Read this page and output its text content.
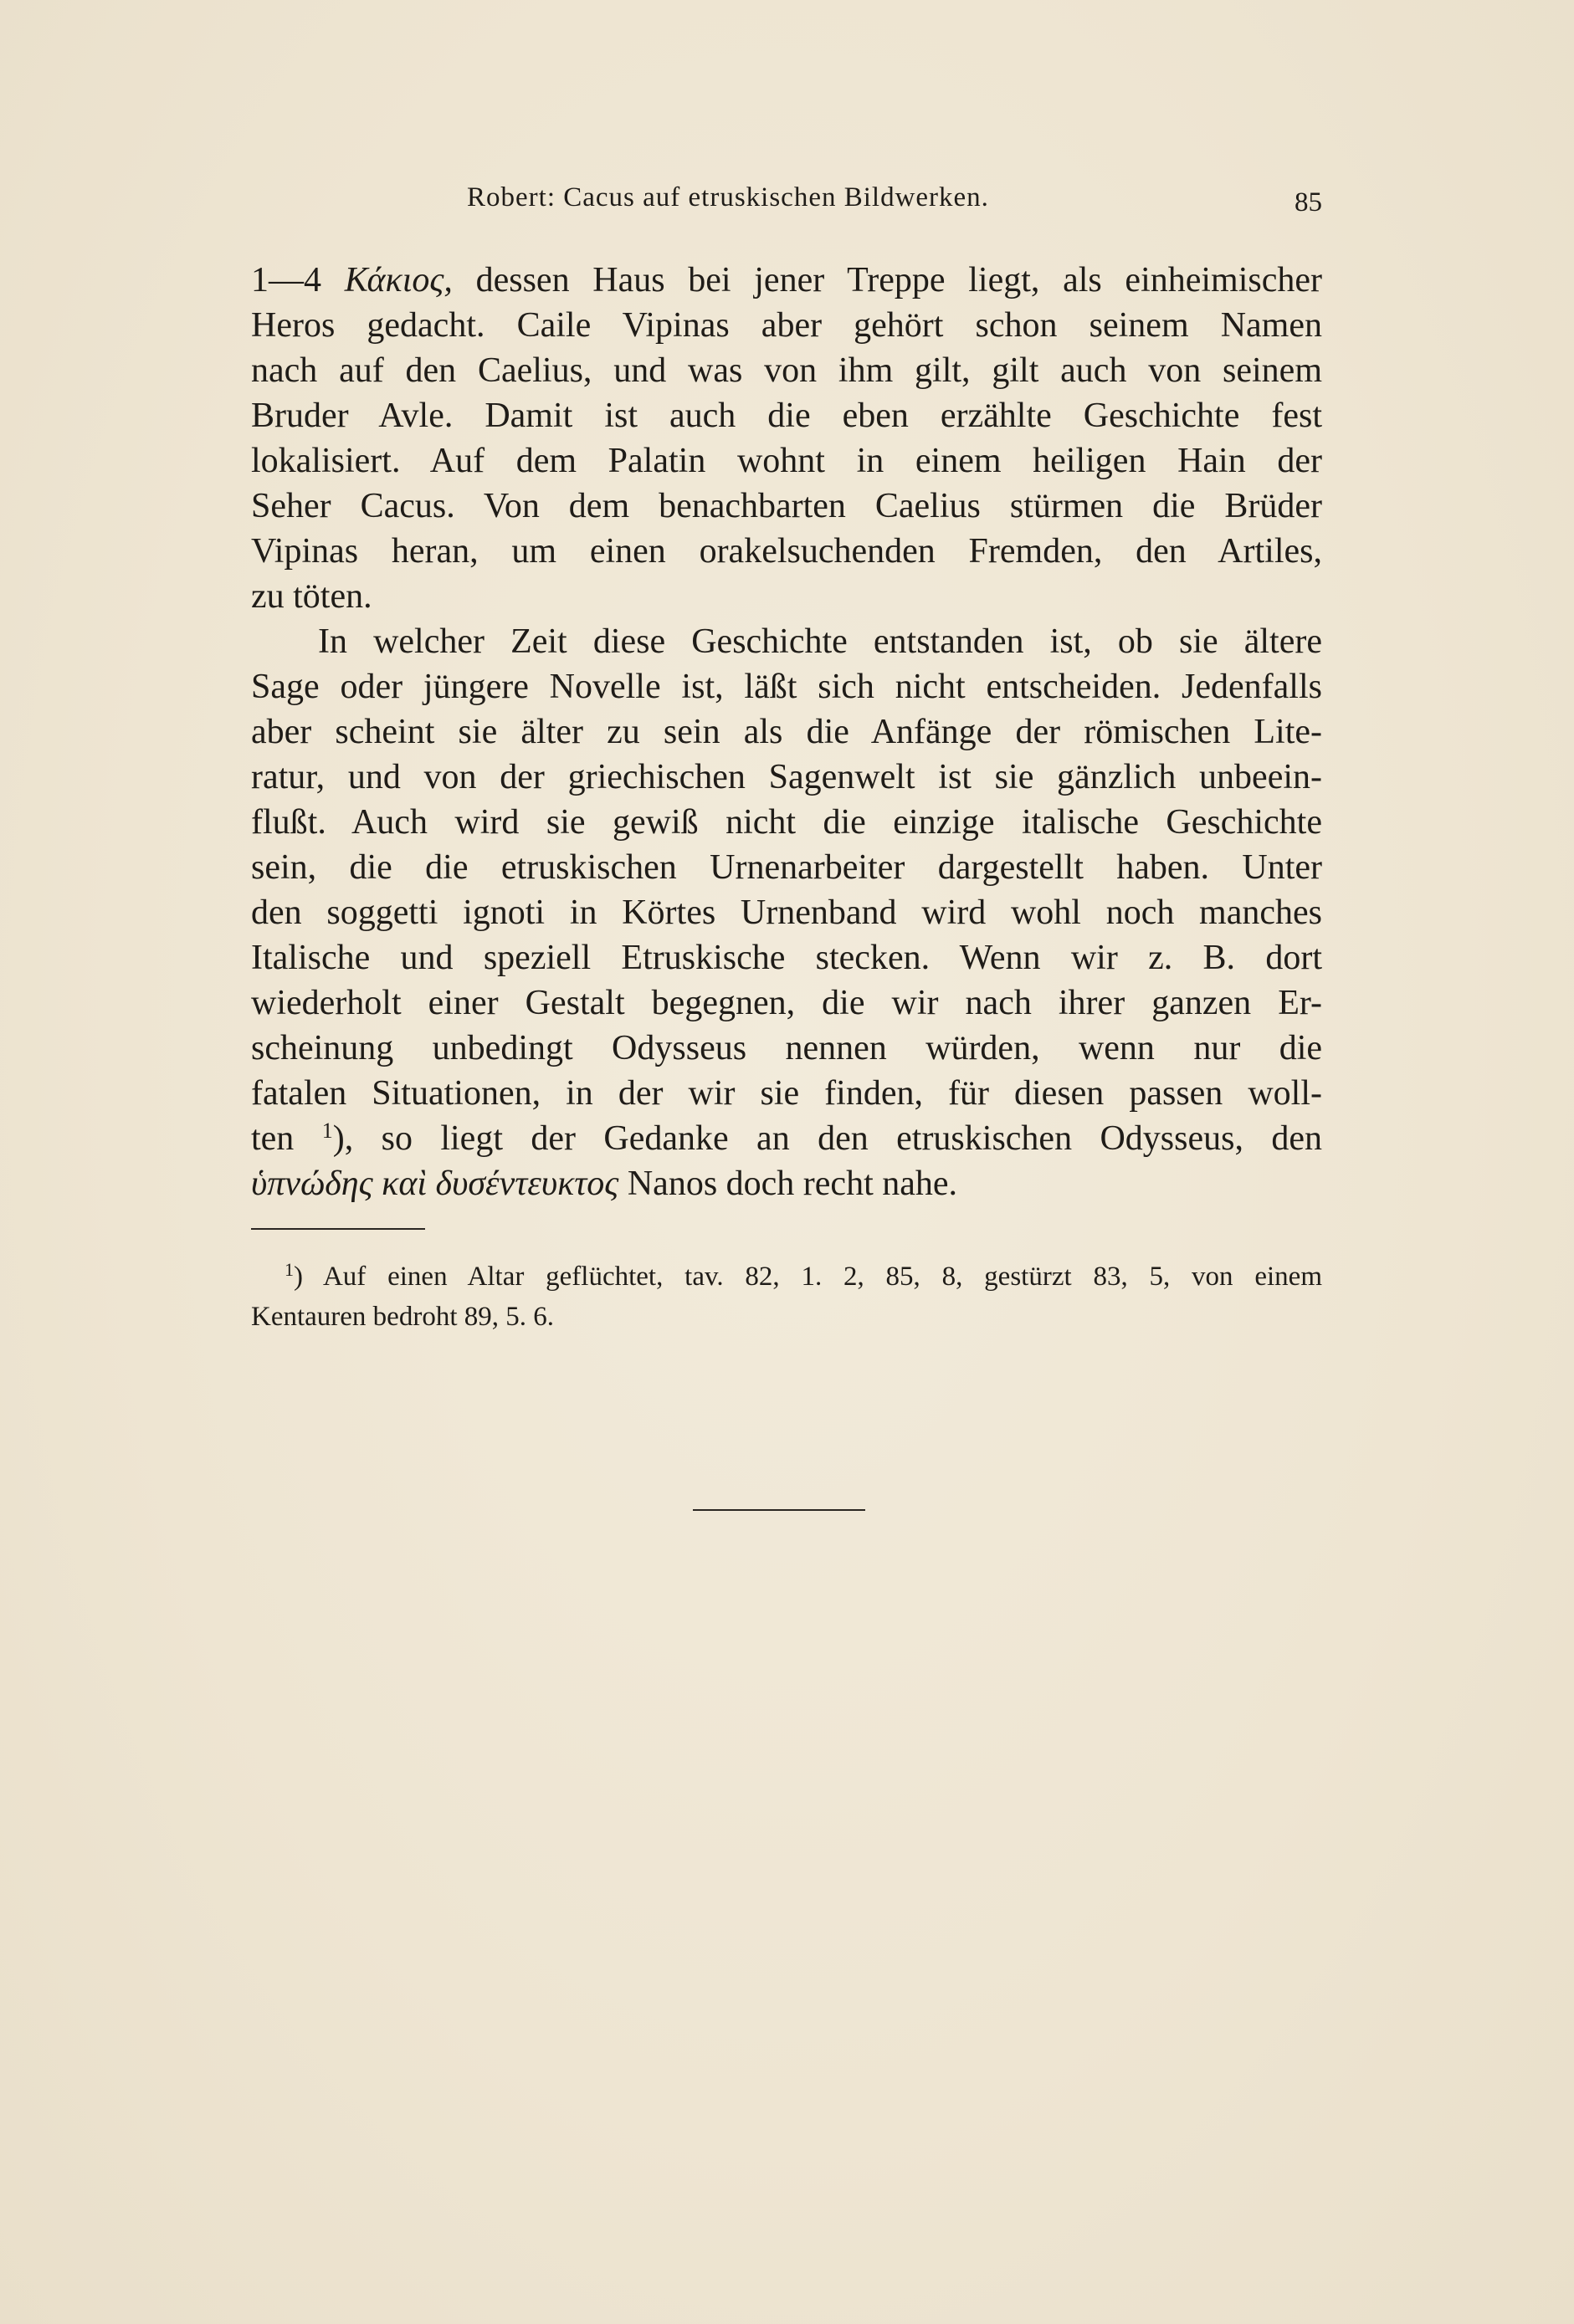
Robert: Cacus auf etruskischen Bildwerken.	85
1—4 Κάκιος, dessen Haus bei jener Treppe liegt, als einheimischer
Heros gedacht. Caile Vipinas aber gehört schon seinem Namen
nach auf den Caelius, und was von ihm gilt, gilt auch von seinem
Bruder Avle. Damit ist auch die eben erzählte Geschichte fest
lokalisiert. Auf dem Palatin wohnt in einem heiligen Hain der
Seher Cacus. Von dem benachbarten Caelius stürmen die Brüder
Vipinas heran, um einen orakelsuchenden Fremden, den Artiles,
zu töten.
In welcher Zeit diese Geschichte entstanden ist, ob sie ältere
Sage oder jüngere Novelle ist, läßt sich nicht entscheiden. Jedenfalls
aber scheint sie älter zu sein als die Anfänge der römischen Lite-
ratur, und von der griechischen Sagenwelt ist sie gänzlich unbeein-
flußt. Auch wird sie gewiß nicht die einzige italische Geschichte
sein, die die etruskischen Urnenarbeiter dargestellt haben. Unter
den soggetti ignoti in Körtes Urnenband wird wohl noch manches
Italische und speziell Etruskische stecken. Wenn wir z. B. dort
wiederholt einer Gestalt begegnen, die wir nach ihrer ganzen Er-
scheinung unbedingt Odysseus nennen würden, wenn nur die
fatalen Situationen, in der wir sie finden, für diesen passen woll-
ten $^1$), so liegt der Gedanke an den etruskischen Odysseus, den
ὑπνώδης καὶ δυσέντευκτος Nanos doch recht nahe.
$^1$) Auf einen Altar geflüchtet, tav. 82, 1. 2, 85, 8, gestürzt 83, 5, von einem
Kentauren bedroht 89, 5. 6.
